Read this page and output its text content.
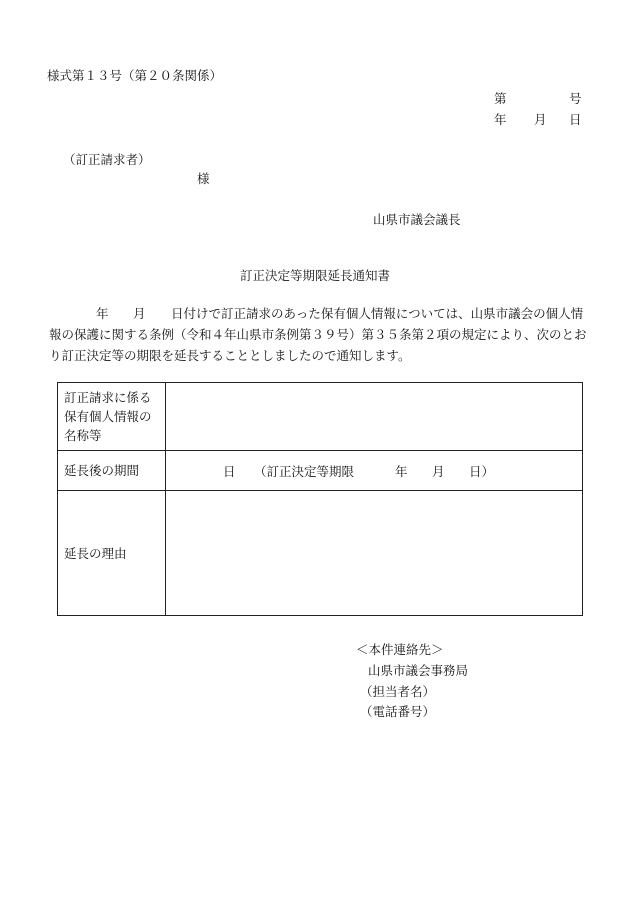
様式第１３号（第２０条関係）
第	号
年 月 日
（訂正請求者）
様
山県市議会議長
訂正決定等期限延長通知書
年 月 日付けで訂正請求のあった保有個人情報については、山県市議会の個人情
報の保護に関する条例（令和４年山県市条例第３９号）第３５条第２項の規定により、次のとお
り訂正決定等の期限を延長することとしましたので通知します。
訂正請求に係る
保有個人情報の
名称等	

延長後の期間	日 （訂正決定等期限 年 月 日）

延長の理由	
＜本件連絡先＞
山県市議会事務局
（担当者名）
（電話番号）
